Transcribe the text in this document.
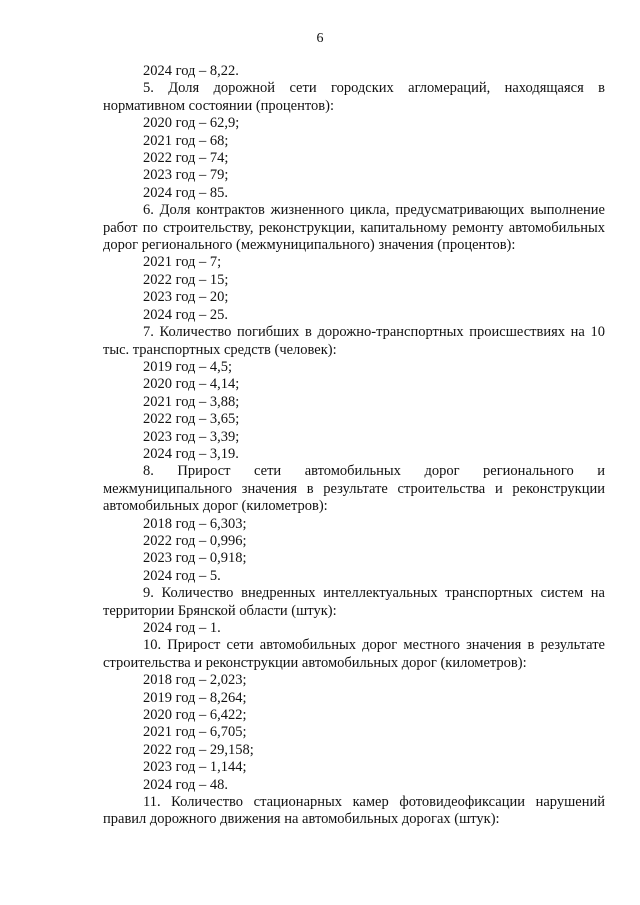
6

2024 год – 8,22.

5. Доля дорожной сети городских агломераций, находящаяся в нормативном состоянии (процентов):

2020 год – 62,9;

2021 год – 68;

2022 год – 74;

2023 год – 79;

2024 год – 85.

6. Доля контрактов жизненного цикла, предусматривающих выполнение работ по строительству, реконструкции, капитальному ремонту автомобильных дорог регионального (межмуниципального) значения (процентов):

2021 год – 7;

2022 год – 15;

2023 год – 20;

2024 год – 25.

7. Количество погибших в дорожно-транспортных происшествиях на 10 тыс. транспортных средств (человек):

2019 год – 4,5;

2020 год – 4,14;

2021 год – 3,88;

2022 год – 3,65;

2023 год – 3,39;

2024 год – 3,19.

8. Прирост сети автомобильных дорог регионального и межмуниципального значения в результате строительства и реконструкции автомобильных дорог (километров):

2018 год – 6,303;

2022 год – 0,996;

2023 год – 0,918;

2024 год – 5.

9. Количество внедренных интеллектуальных транспортных систем на территории Брянской области (штук):

2024 год – 1.

10. Прирост сети автомобильных дорог местного значения в результате строительства и реконструкции автомобильных дорог (километров):

2018 год – 2,023;

2019 год – 8,264;

2020 год – 6,422;

2021 год – 6,705;

2022 год – 29,158;

2023 год – 1,144;

2024 год – 48.

11. Количество стационарных камер фотовидеофиксации нарушений правил дорожного движения на автомобильных дорогах (штук):
